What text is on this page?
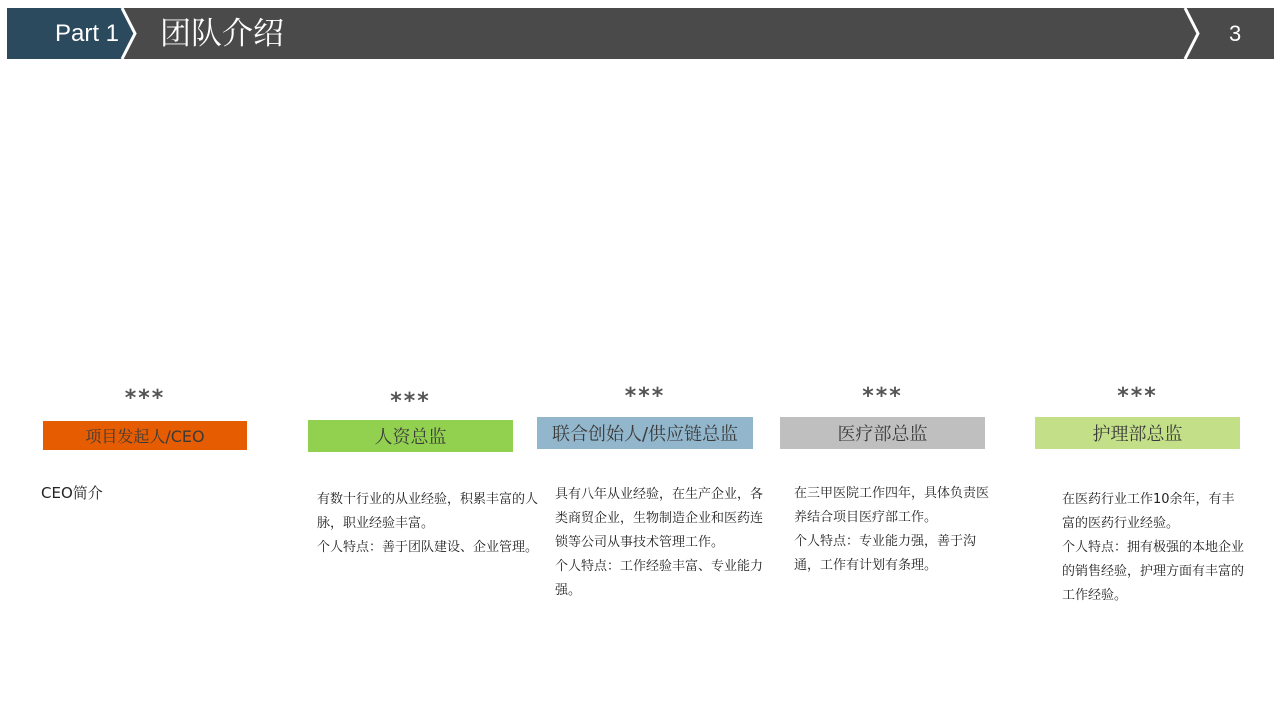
Part 1 团队介绍	3
***
项目发起人/CEO
CEO简介
***
人资总监

有数十行业的从业经验，积累丰富的人脉，职业经验丰富。

个人特点：善于团队建设、企业管理。

***
联合创始人/供应链总监

具有八年从业经验，在生产企业，各类商贸企业，生物制造企业和医药连锁等公司从事技术管理工作。

个人特点：工作经验丰富、专业能力强。

***
医疗部总监

在三甲医院工作四年，具体负责医养结合项目医疗部工作。

个人特点：专业能力强，善于沟通，工作有计划有条理。

***
护理部总监

在医药行业工作10余年，有丰富的医药行业经验。

个人特点：拥有极强的本地企业的销售经验，护理方面有丰富的工作经验。
